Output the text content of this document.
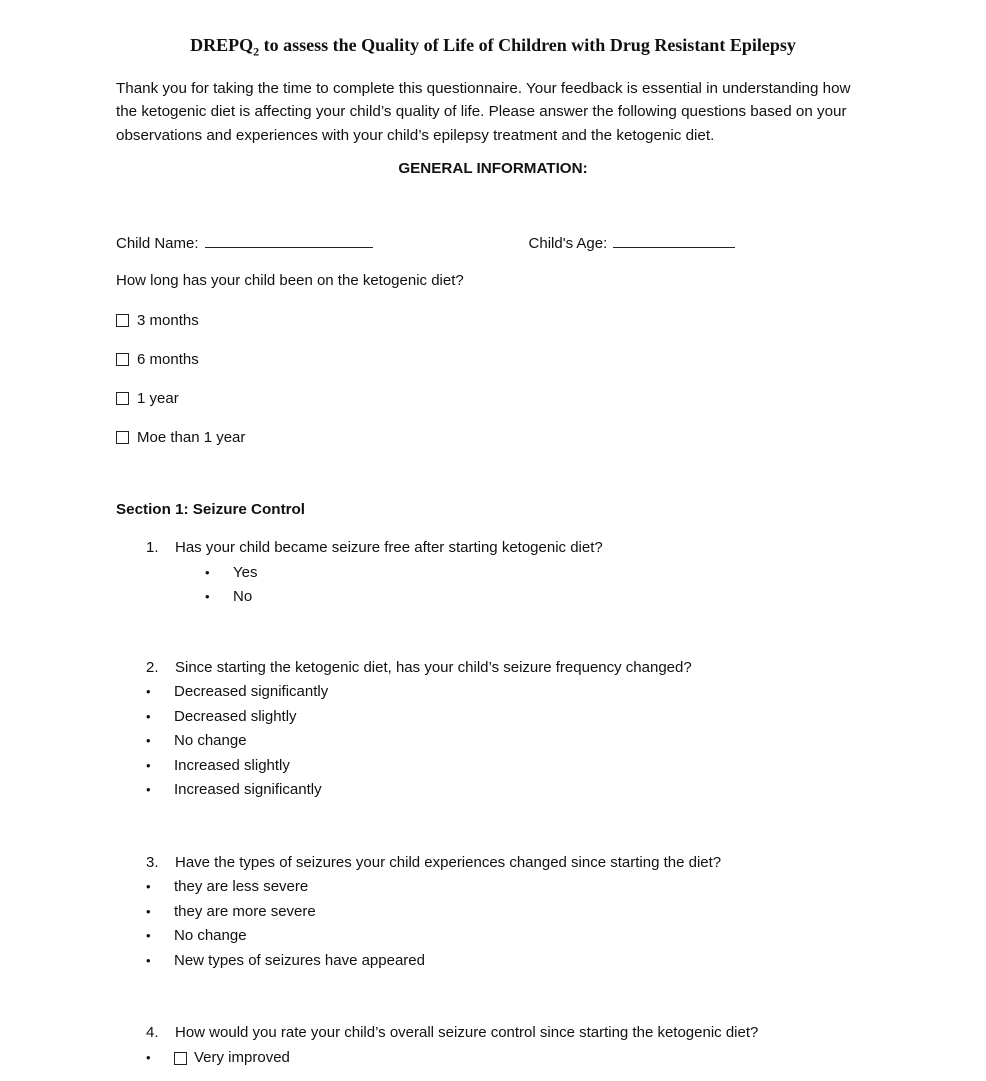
$DREPQ_2$ to assess the Quality of Life of Children with Drug Resistant Epilepsy
Thank you for taking the time to complete this questionnaire. Your feedback is essential in understanding how the ketogenic diet is affecting your child’s quality of life. Please answer the following questions based on your observations and experiences with your child’s epilepsy treatment and the ketogenic diet.
GENERAL INFORMATION:
Child Name:	Child's Age:
How long has your child been on the ketogenic diet?
3 months
6 months
1 year
Moe than 1 year
Section 1: Seizure Control
1.	Has your child became seizure free after starting ketogenic diet?
•	Yes
•	No
2.	Since starting the ketogenic diet, has your child’s seizure frequency changed?
•	Decreased significantly
•	Decreased slightly
•	No change
•	Increased slightly
•	Increased significantly
3.	Have the types of seizures your child experiences changed since starting the diet?
•	they are less severe
•	they are more severe
•	No change
•	New types of seizures have appeared
4.	How would you rate your child’s overall seizure control since starting the ketogenic diet?
•	Very improved
